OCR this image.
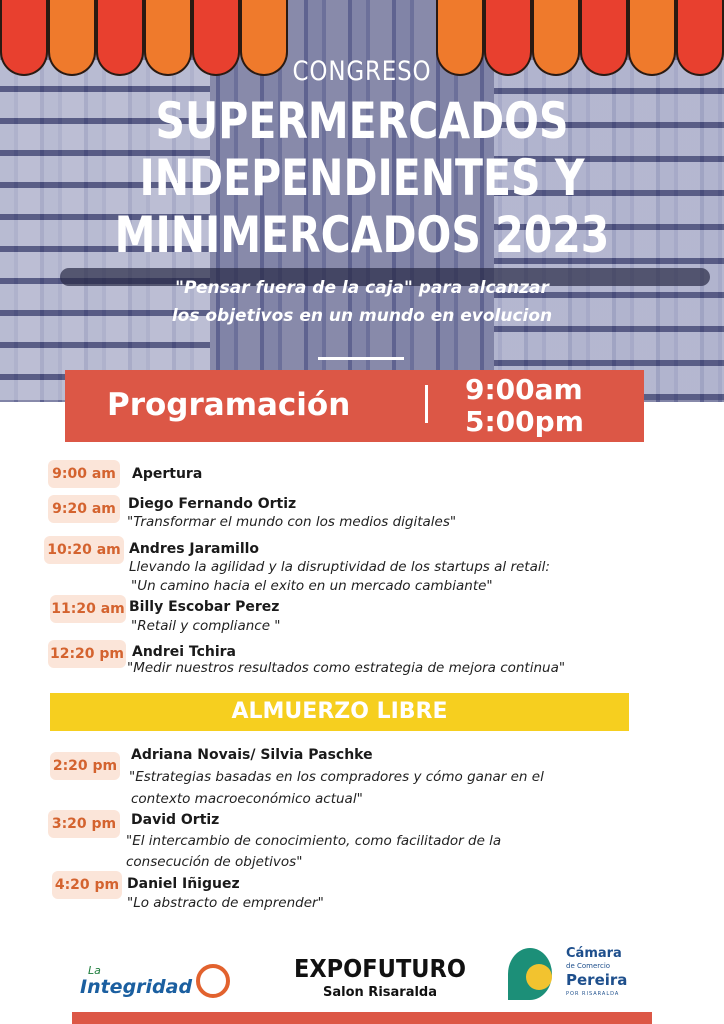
CONGRESO
SUPERMERCADOS
INDEPENDIENTES Y
MINIMERCADOS 2023
"Pensar fuera de la caja" para alcanzar
los objetivos en un mundo en evolucion
Programación	9:00am
5:00pm
9:00 am Apertura
9:20 am Diego Fernando Ortiz
"Transformar el mundo con los medios digitales"
10:20 am Andres Jaramillo
Llevando la agilidad y la disruptividad de los startups al retail:
"Un camino hacia el exito en un mercado cambiante"
11:20 am Billy Escobar Perez
"Retail y compliance "
12:20 pm Andrei Tchira
"Medir nuestros resultados como estrategia de mejora continua"
ALMUERZO LIBRE
2:20 pm
Adriana Novais/ Silvia Paschke
"Estrategias basadas en los compradores y cómo ganar en el
contexto macroeconómico actual"
3:20 pm David Ortiz
"El intercambio de conocimiento, como facilitador de la
consecución de objetivos"
4:20 pm Daniel Iñiguez
"Lo abstracto de emprender"
La
Integridad
EXPOFUTURO
Salon Risaralda
Cámara
de Comercio
Pereira
POR RISARALDA
